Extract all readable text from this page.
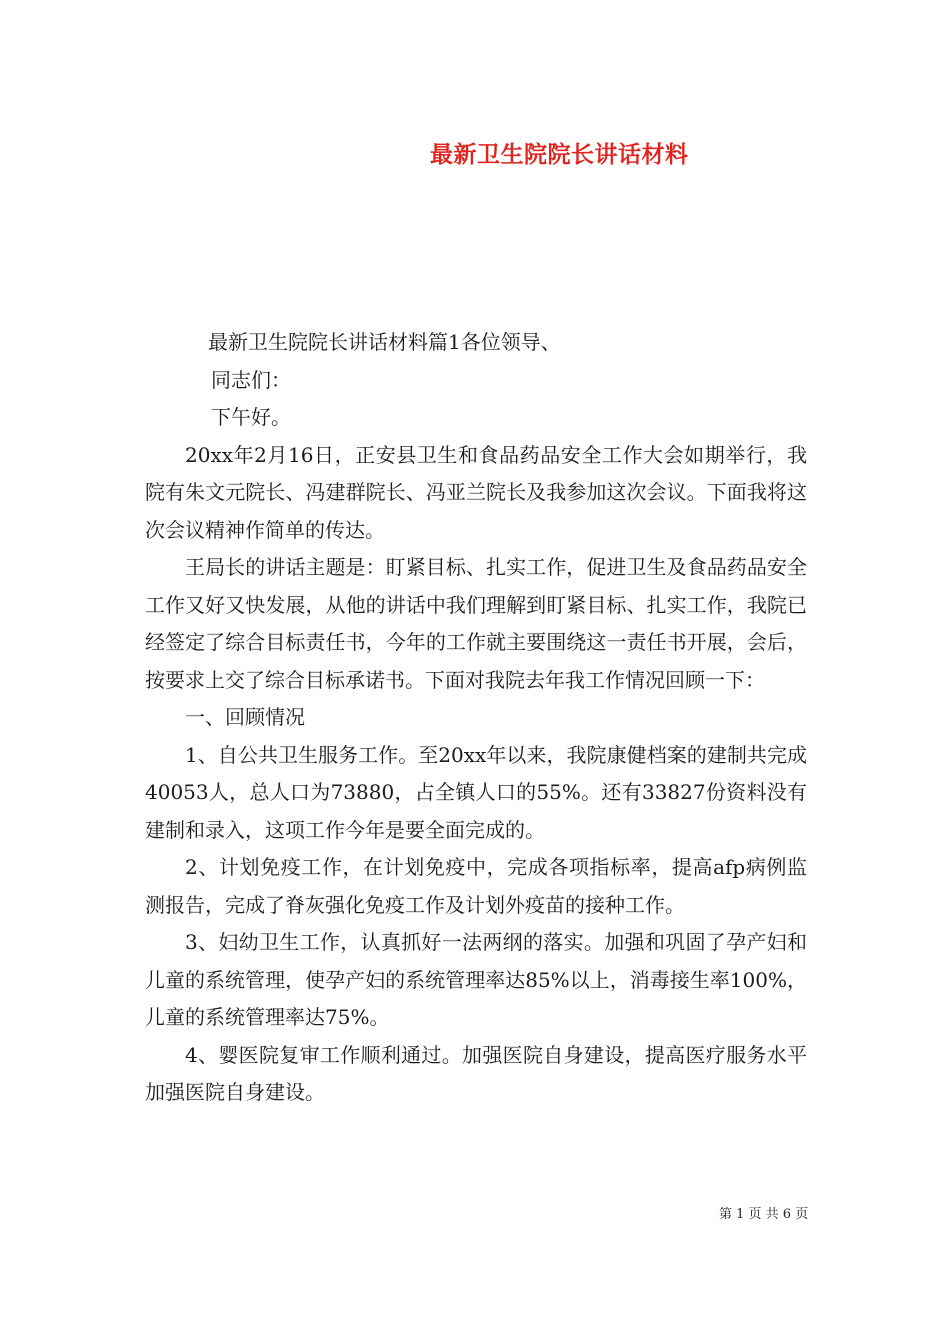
最新卫生院院长讲话材料

最新卫生院院长讲话材料篇1各位领导、

同志们：

下午好。

20xx年2月16日，正安县卫生和食品药品安全工作大会如期举行，我院有朱文元院长、冯建群院长、冯亚兰院长及我参加这次会议。下面我将这次会议精神作简单的传达。

王局长的讲话主题是：盯紧目标、扎实工作，促进卫生及食品药品安全工作又好又快发展，从他的讲话中我们理解到盯紧目标、扎实工作，我院已经签定了综合目标责任书，今年的工作就主要围绕这一责任书开展，会后，按要求上交了综合目标承诺书。下面对我院去年我工作情况回顾一下：

一、回顾情况

1、自公共卫生服务工作。至20xx年以来，我院康健档案的建制共完成40053人，总人口为73880，占全镇人口的55%。还有33827份资料没有建制和录入，这项工作今年是要全面完成的。

2、计划免疫工作，在计划免疫中，完成各项指标率，提高afp病例监测报告，完成了脊灰强化免疫工作及计划外疫苗的接种工作。

3、妇幼卫生工作，认真抓好一法两纲的落实。加强和巩固了孕产妇和儿童的系统管理，使孕产妇的系统管理率达85%以上，消毒接生率100%，儿童的系统管理率达75%。

4、婴医院复审工作顺利通过。加强医院自身建设，提高医疗服务水平加强医院自身建设。

第 1 页 共 6 页
